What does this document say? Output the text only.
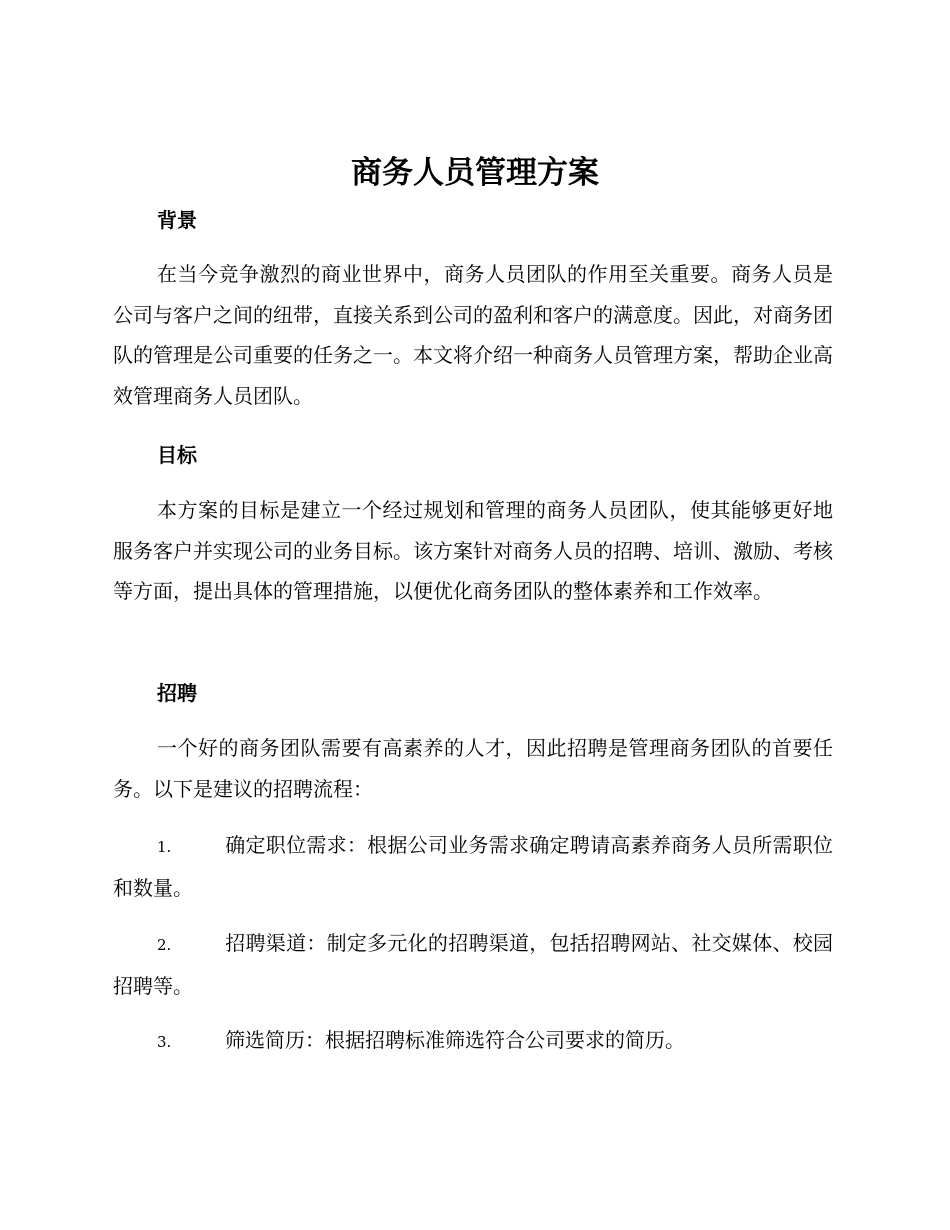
商务人员管理方案
背景

在当今竞争激烈的商业世界中，商务人员团队的作用至关重要。商务人员是公司与客户之间的纽带，直接关系到公司的盈利和客户的满意度。因此，对商务团队的管理是公司重要的任务之一。本文将介绍一种商务人员管理方案，帮助企业高效管理商务人员团队。

目标

本方案的目标是建立一个经过规划和管理的商务人员团队，使其能够更好地服务客户并实现公司的业务目标。该方案针对商务人员的招聘、培训、激励、考核等方面，提出具体的管理措施，以便优化商务团队的整体素养和工作效率。

招聘

一个好的商务团队需要有高素养的人才，因此招聘是管理商务团队的首要任务。以下是建议的招聘流程：

1.	确定职位需求：根据公司业务需求确定聘请高素养商务人员所需职位和数量。

2.	招聘渠道：制定多元化的招聘渠道，包括招聘网站、社交媒体、校园招聘等。

3.	筛选简历：根据招聘标准筛选符合公司要求的简历。
